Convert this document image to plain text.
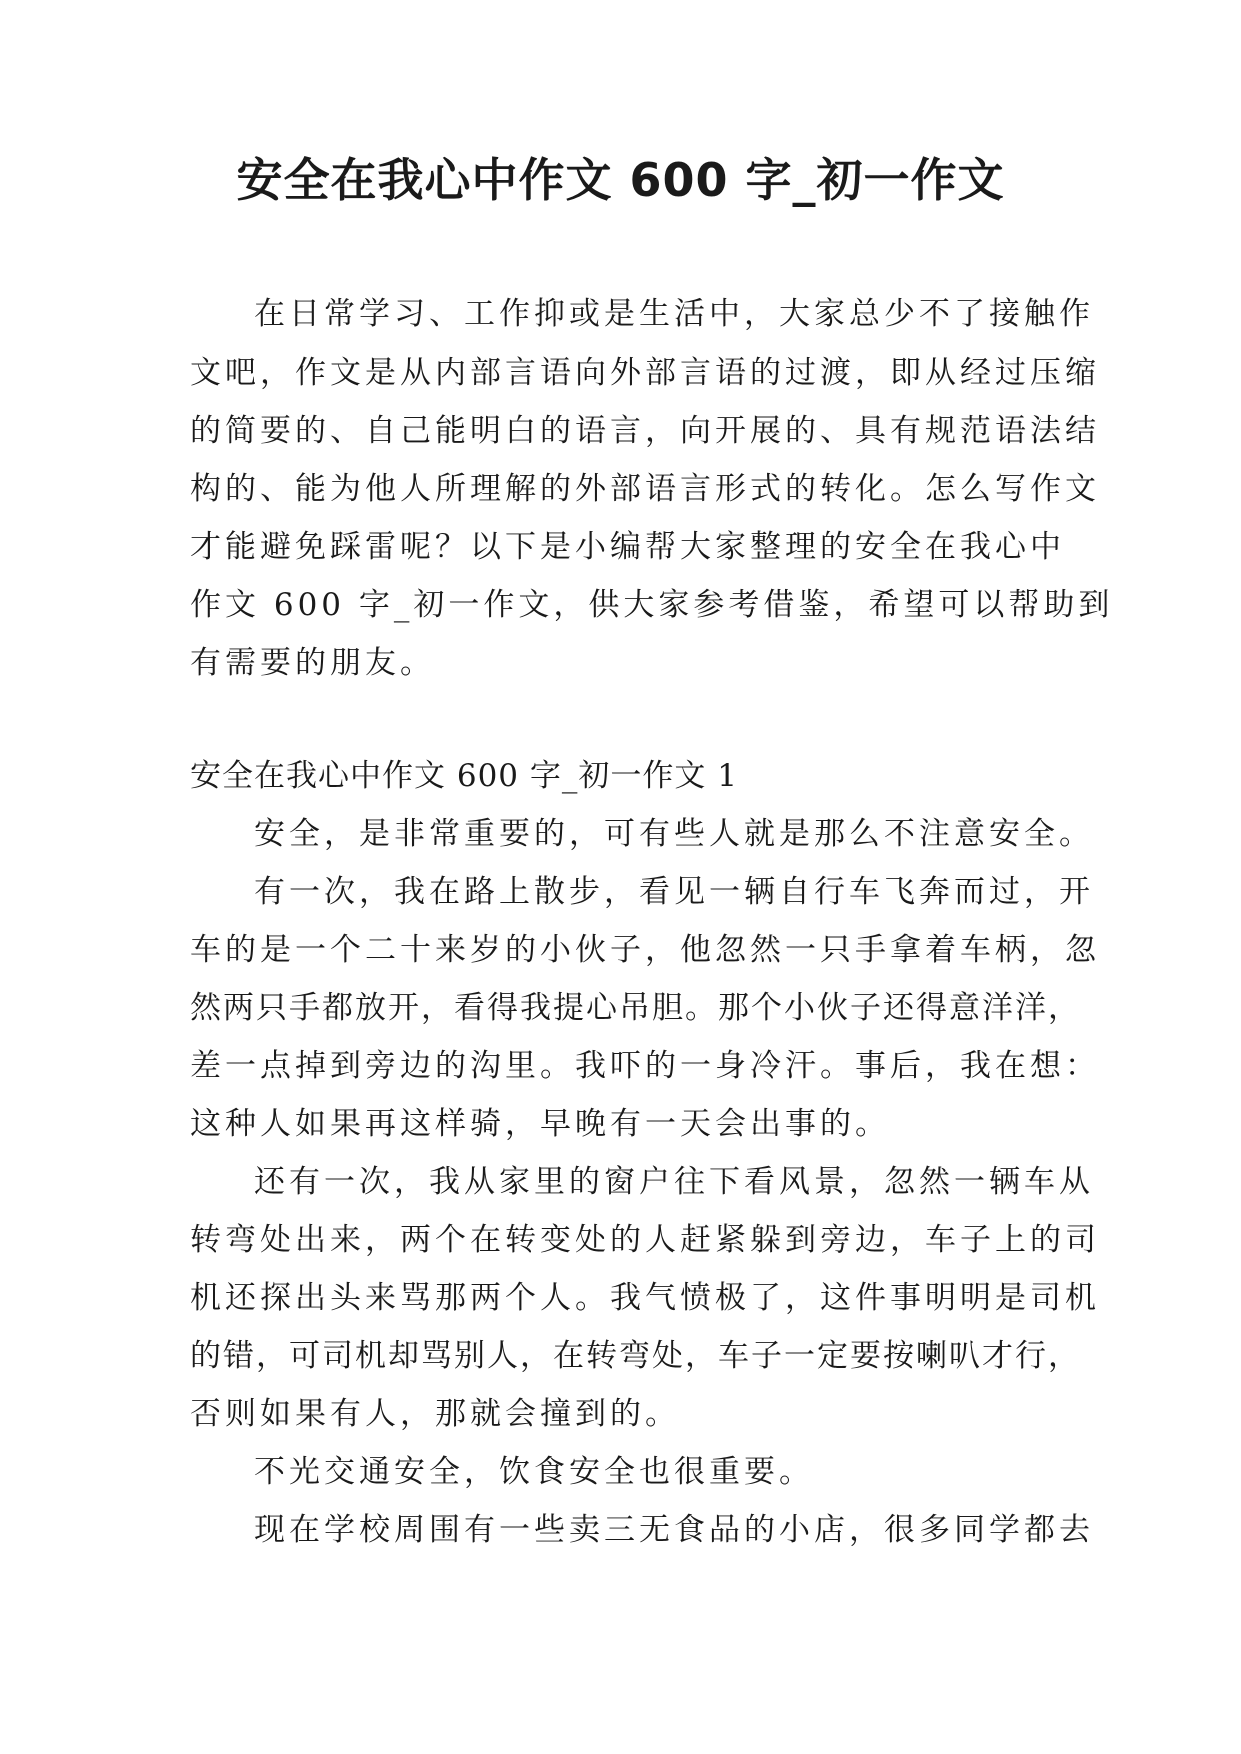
安全在我心中作文 600 字_初一作文
在日常学习、工作抑或是生活中，大家总少不了接触作
文吧，作文是从内部言语向外部言语的过渡，即从经过压缩
的简要的、自己能明白的语言，向开展的、具有规范语法结
构的、能为他人所理解的外部语言形式的转化。怎么写作文
才能避免踩雷呢？以下是小编帮大家整理的安全在我心中
作文 600 字_初一作文，供大家参考借鉴，希望可以帮助到
有需要的朋友。
安全在我心中作文 600 字_初一作文 1
安全，是非常重要的，可有些人就是那么不注意安全。
有一次，我在路上散步，看见一辆自行车飞奔而过，开
车的是一个二十来岁的小伙子，他忽然一只手拿着车柄，忽
然两只手都放开，看得我提心吊胆。那个小伙子还得意洋洋，
差一点掉到旁边的沟里。我吓的一身冷汗。事后，我在想：
这种人如果再这样骑，早晚有一天会出事的。
还有一次，我从家里的窗户往下看风景，忽然一辆车从
转弯处出来，两个在转变处的人赶紧躲到旁边，车子上的司
机还探出头来骂那两个人。我气愤极了，这件事明明是司机
的错，可司机却骂别人，在转弯处，车子一定要按喇叭才行，
否则如果有人，那就会撞到的。
不光交通安全，饮食安全也很重要。
现在学校周围有一些卖三无食品的小店，很多同学都去
